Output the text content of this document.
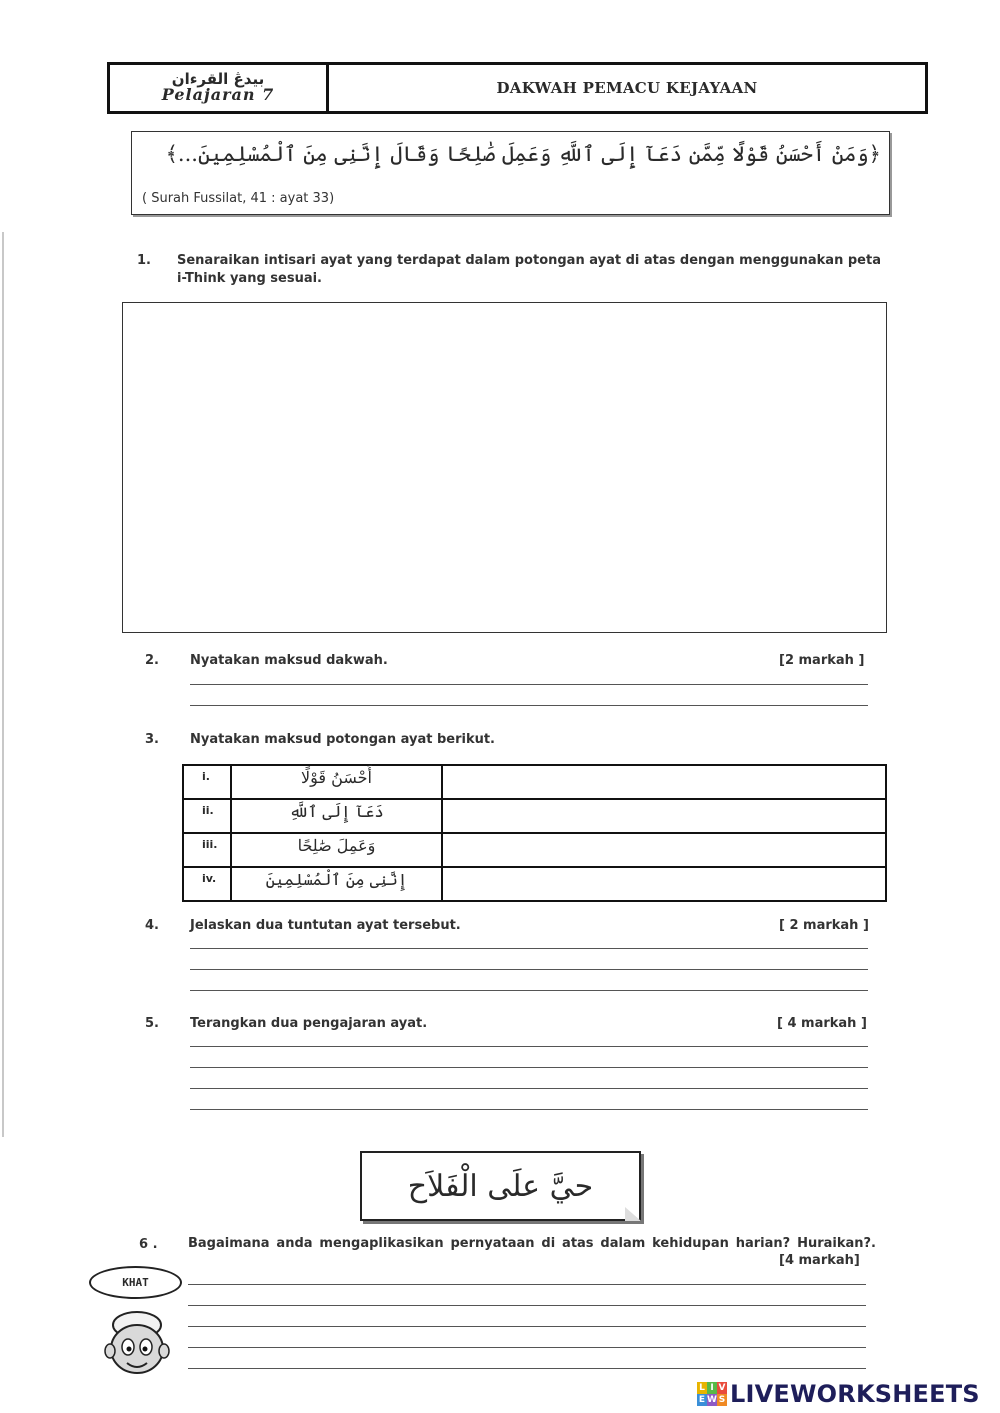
بيدڠ القرءان
Pelajaran 7	DAKWAH PEMACU KEJAYAAN
﴿وَمَنْ أَحْسَنُ قَوْلًا مِّمَّن دَعَآ إِلَى ٱللَّهِ وَعَمِلَ صَٰلِحًا وَقَالَ إِنَّنِى مِنَ ٱلْمُسْلِمِينَ...﴾
( Surah Fussilat, 41 : ayat 33)
1. Senaraikan intisari ayat yang terdapat dalam potongan ayat di atas dengan menggunakan peta i-Think yang sesuai.
2. Nyatakan maksud dakwah.	[2 markah ]
3. Nyatakan maksud potongan ayat berikut.
i.	أَحْسَنُ قَوْلًا	
ii.	دَعَآ إِلَى ٱللَّهِ	
iii.	وَعَمِلَ صَٰلِحًا	
iv.	إِنَّنِى مِنَ ٱلْمُسْلِمِينَ	
4. Jelaskan dua tuntutan ayat tersebut.	[ 2 markah ]
5. Terangkan dua pengajaran ayat.	[ 4 markah ]
حيَّ علَى الْفَلاَح
6 . Bagaimana anda mengaplikasikan pernyataan di atas dalam kehidupan harian? Huraikan?.
[4 markah]
KHAT
L I V
E W S LIVEWORKSHEETS
